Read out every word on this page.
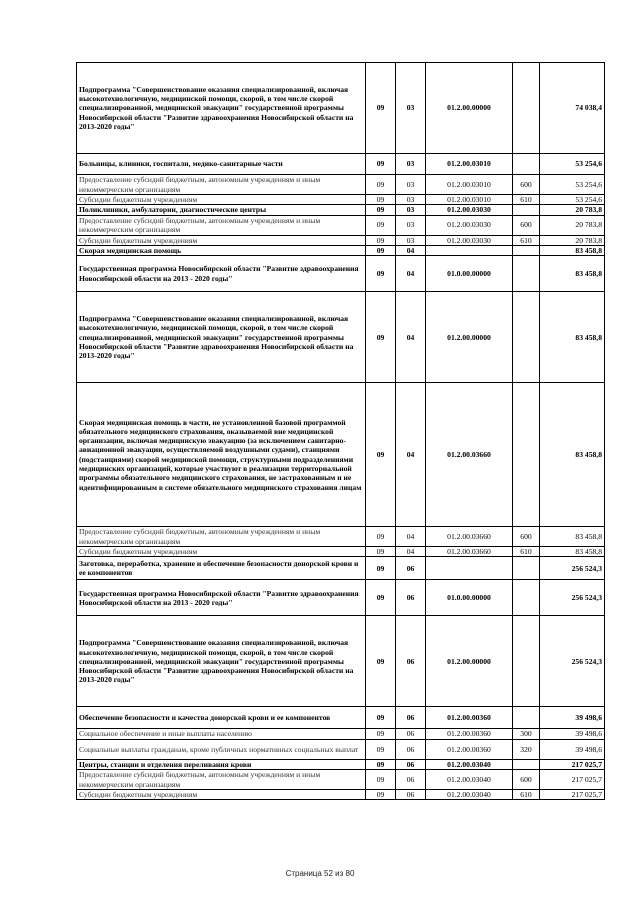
Подпрограмма "Совершенствование оказания специализированной, включая высокотехнологичную, медицинской помощи, скорой, в том числе скорой специализированной, медицинской эвакуации" государственной программы Новосибирской области "Развитие здравоохранения Новосибирской области на 2013-2020 годы"	09	03	01.2.00.00000		74 038,4
Больницы, клиники, госпитали, медико-санитарные части	09	03	01.2.00.03010		53 254,6
Предоставление субсидий бюджетным, автономным учреждениям и иным некоммерческим организациям	09	03	01.2.00.03010	600	53 254,6
Субсидии бюджетным учреждениям	09	03	01.2.00.03010	610	53 254,6
Поликлиники, амбулатории, диагностические центры	09	03	01.2.00.03030		20 783,8
Предоставление субсидий бюджетным, автономным учреждениям и иным некоммерческим организациям	09	03	01.2.00.03030	600	20 783,8
Субсидии бюджетным учреждениям	09	03	01.2.00.03030	610	20 783,8
Скорая медицинская помощь	09	04			83 458,8
Государственная программа Новосибирской области "Развитие здравоохранения Новосибирской области на 2013 - 2020 годы"	09	04	01.0.00.00000		83 458,8
Подпрограмма "Совершенствование оказания специализированной, включая высокотехнологичную, медицинской помощи, скорой, в том числе скорой специализированной, медицинской эвакуации" государственной программы Новосибирской области "Развитие здравоохранения Новосибирской области на 2013-2020 годы"	09	04	01.2.00.00000		83 458,8
Скорая медицинская помощь в части, не установленной базовой программой обязательного медицинского страхования, оказываемой вне медицинской организации, включая медицинскую эвакуацию (за исключением санитарно-авиационной эвакуации, осуществляемой воздушными судами), станциями (подстанциями) скорой медицинской помощи, структурными подразделениями медицинских организаций, которые участвуют в реализации территориальной программы обязательного медицинского страхования, не застрахованным и не идентифицированным в системе обязательного медицинского страхования лицам	09	04	01.2.00.03660		83 458,8
Предоставление субсидий бюджетным, автономным учреждениям и иным некоммерческим организациям	09	04	01.2.00.03660	600	83 458,8
Субсидии бюджетным учреждениям	09	04	01.2.00.03660	610	83 458,8
Заготовка, переработка, хранение и обеспечение безопасности донорской крови и ее компонентов	09	06			256 524,3
Государственная программа Новосибирской области "Развитие здравоохранения Новосибирской области на 2013 - 2020 годы"	09	06	01.0.00.00000		256 524,3
Подпрограмма "Совершенствование оказания специализированной, включая высокотехнологичную, медицинской помощи, скорой, в том числе скорой специализированной, медицинской эвакуации" государственной программы Новосибирской области "Развитие здравоохранения Новосибирской области на 2013-2020 годы"	09	06	01.2.00.00000		256 524,3
Обеспечение безопасности и качества донорской крови и ее компонентов	09	06	01.2.00.00360		39 498,6
Социальное обеспечение и иные выплаты населению	09	06	01.2.00.00360	300	39 498,6
Социальные выплаты гражданам, кроме публичных нормативных социальных выплат	09	06	01.2.00.00360	320	39 498,6
Центры, станции и отделения переливания крови	09	06	01.2.00.03040		217 025,7
Предоставление субсидий бюджетным, автономным учреждениям и иным некоммерческим организациям	09	06	01.2.00.03040	600	217 025,7
Субсидии бюджетным учреждениям	09	06	01.2.00.03040	610	217 025,7
Страница 52 из 80
